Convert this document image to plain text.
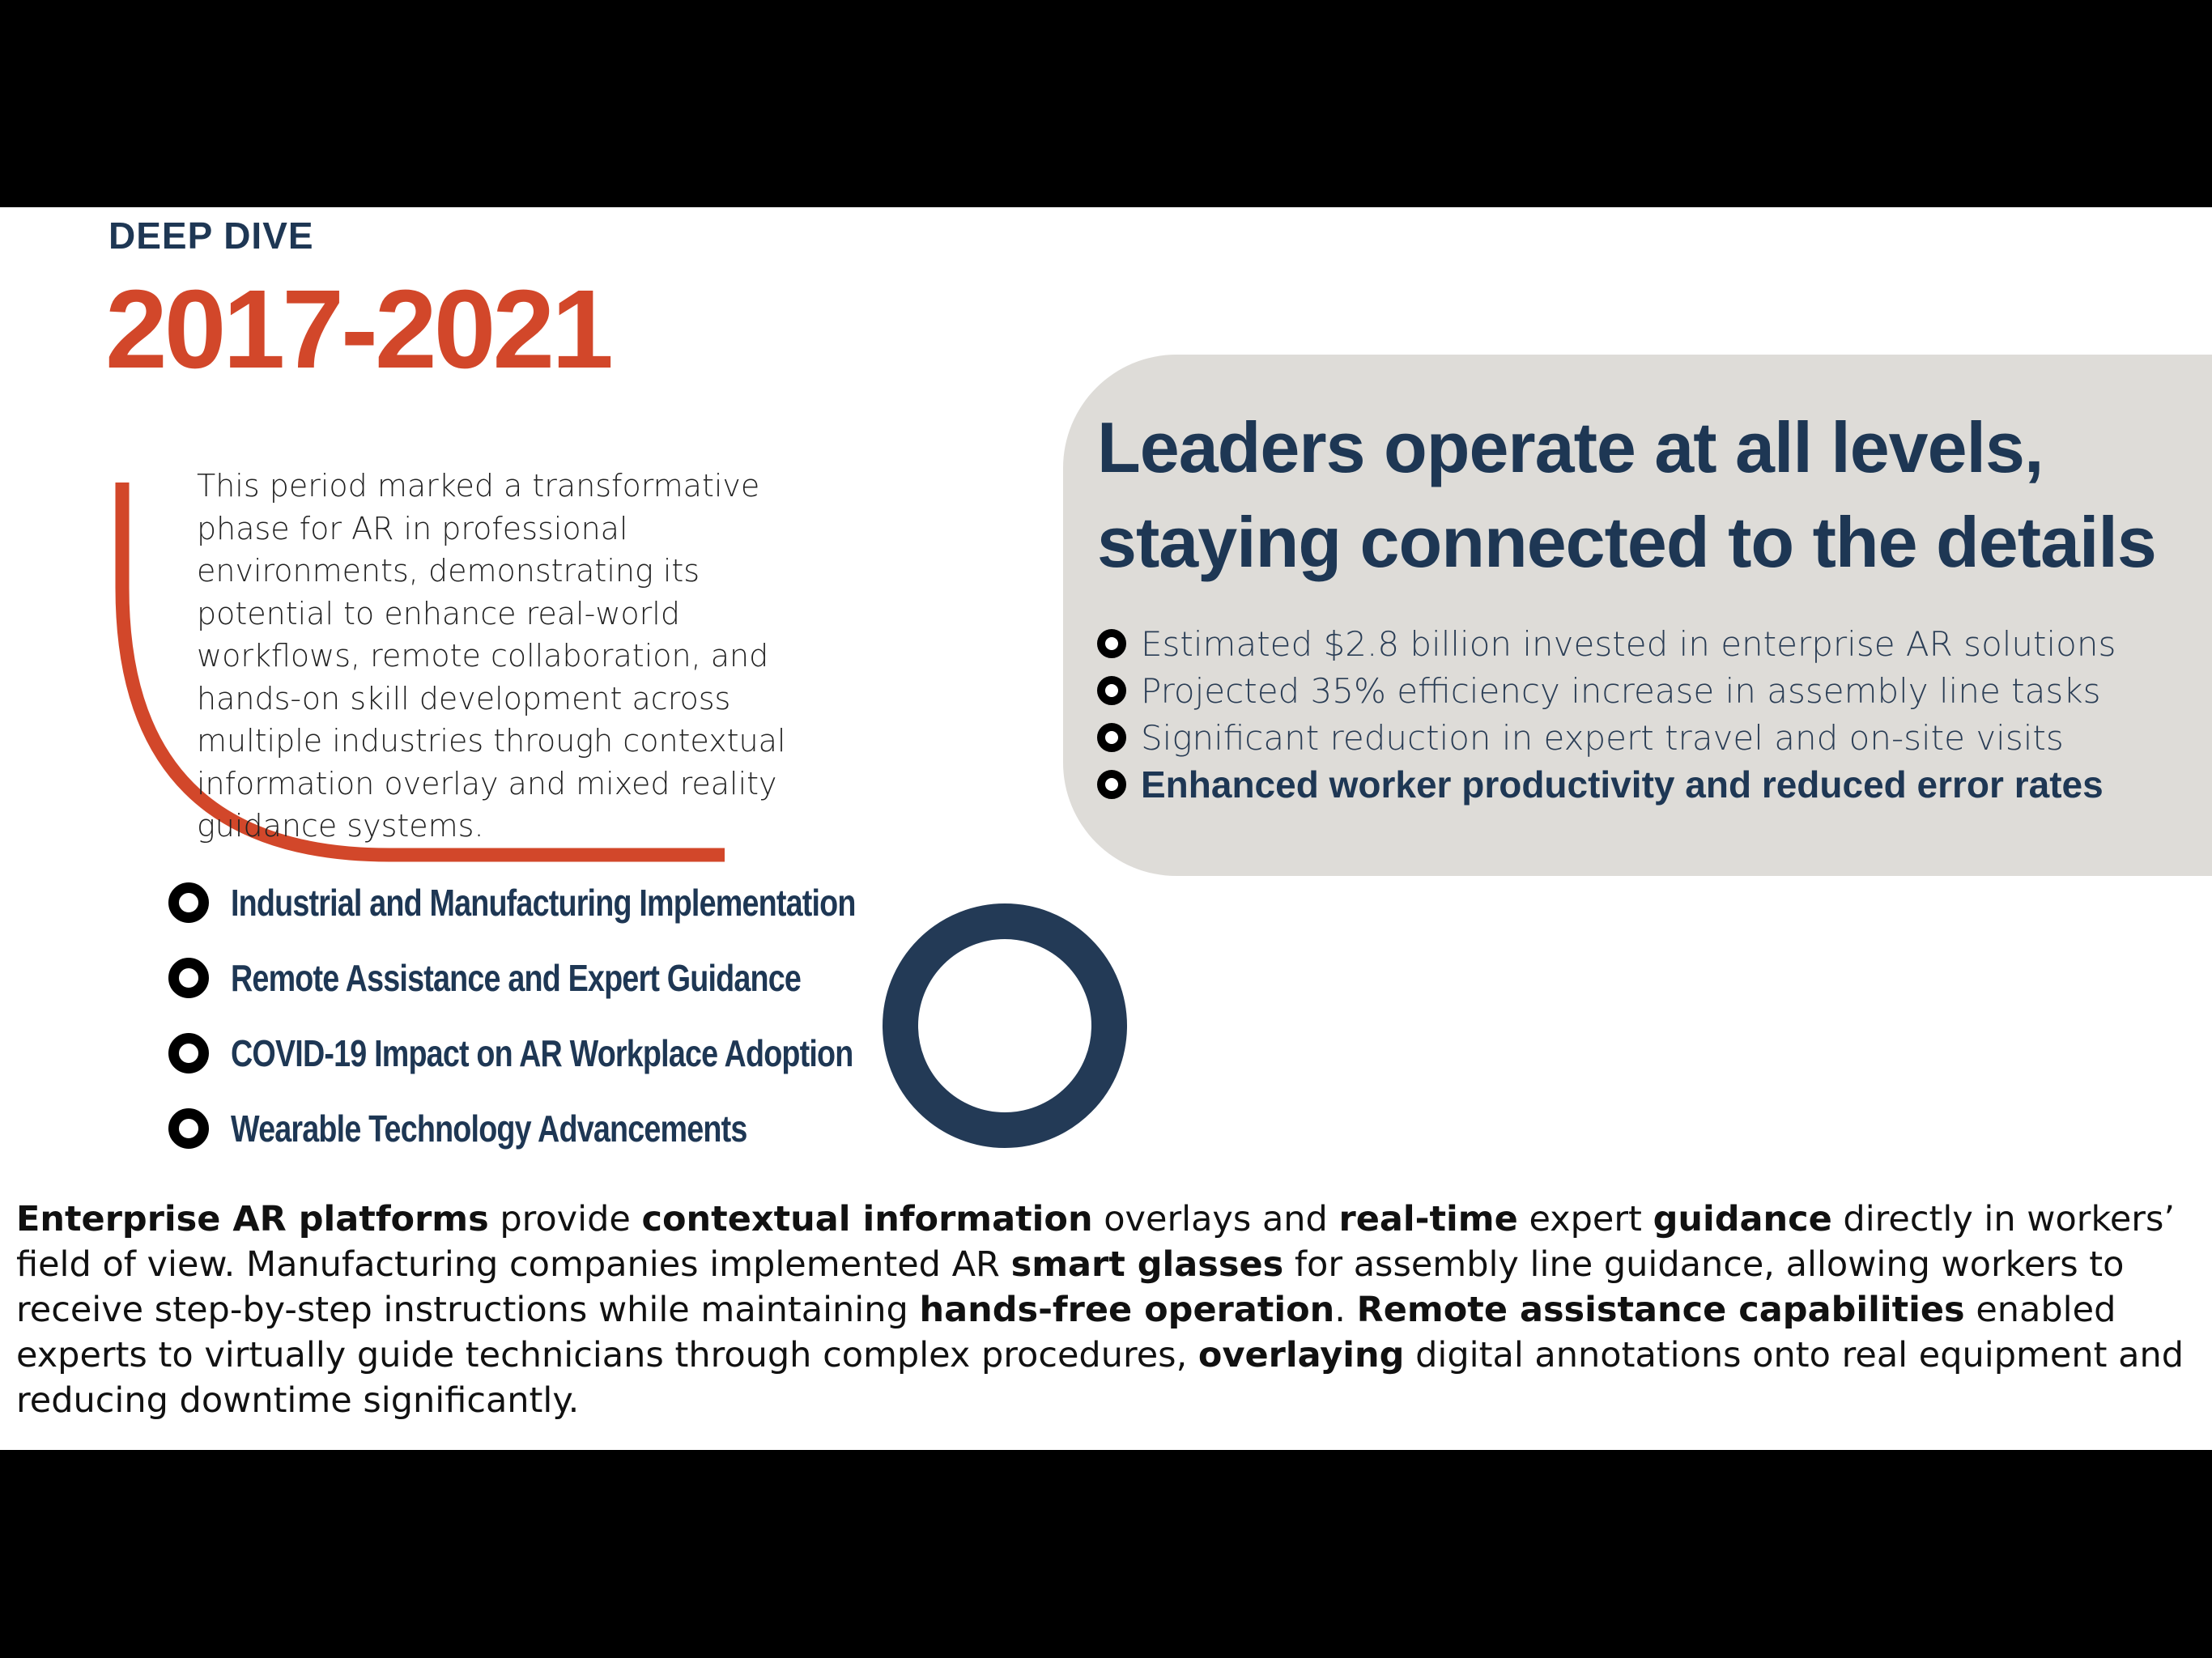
DEEP DIVE
2017-2021

This period marked a transformative phase for AR in professional environments, demonstrating its potential to enhance real-world workflows, remote collaboration, and hands-on skill development across multiple industries through contextual information overlay and mixed reality guidance systems.

Industrial and Manufacturing Implementation
Remote Assistance and Expert Guidance
COVID-19 Impact on AR Workplace Adoption
Wearable Technology Advancements
Leaders operate at all levels,
staying connected to the details
Estimated $2.8 billion invested in enterprise AR solutions
Projected 35% efficiency increase in assembly line tasks
Significant reduction in expert travel and on-site visits
Enhanced worker productivity and reduced error rates

Enterprise AR platforms provide contextual information overlays and real-time expert guidance directly in workers’ field of view. Manufacturing companies implemented AR smart glasses for assembly line guidance, allowing workers to receive step-by-step instructions while maintaining hands-free operation. Remote assistance capabilities enabled experts to virtually guide technicians through complex procedures, overlaying digital annotations onto real equipment and reducing downtime significantly.
